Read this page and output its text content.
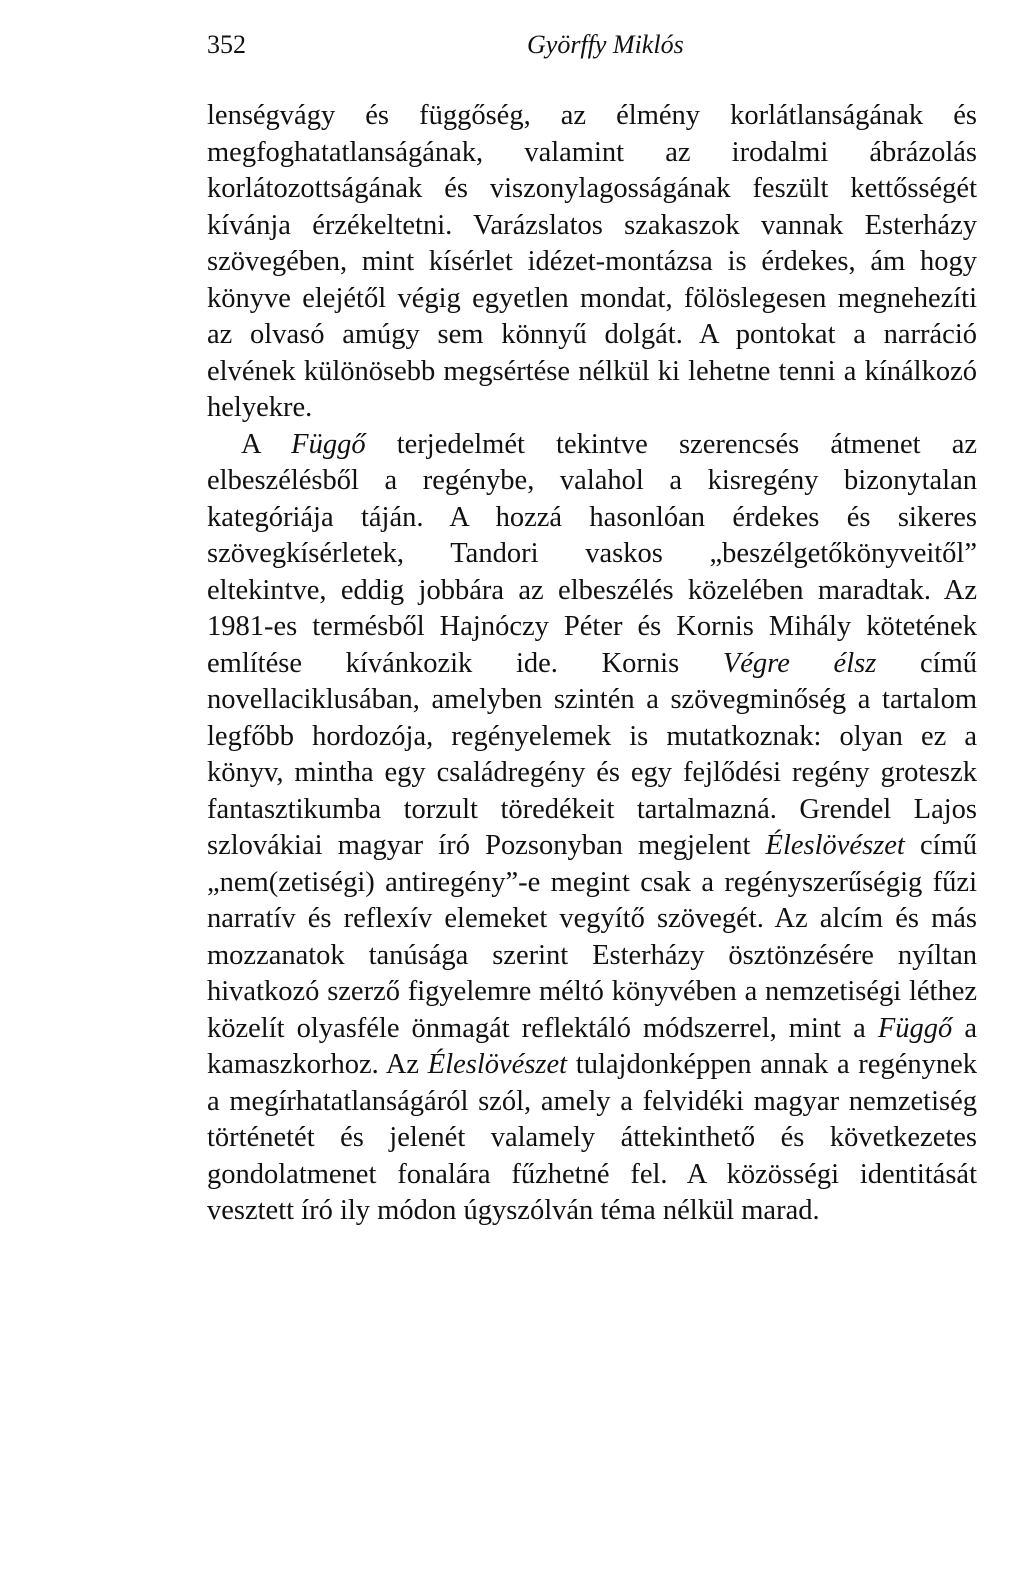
352	Györffy Miklós

lenségvágy és függőség, az élmény korlátlanságának és megfoghatatlanságának, valamint az irodalmi ábrázolás korlátozottságának és viszonylagosságának feszült kettősségét kívánja érzékeltetni. Varázslatos szakaszok vannak Esterházy szövegében, mint kísérlet idézet-montázsa is érdekes, ám hogy könyve elejétől végig egyetlen mondat, fölöslegesen megnehezíti az olvasó amúgy sem könnyű dolgát. A pontokat a narráció elvének különösebb megsértése nélkül ki lehetne tenni a kínálkozó helyekre.

A Függő terjedelmét tekintve szerencsés átmenet az elbeszélésből a regénybe, valahol a kisregény bizonytalan kategóriája táján. A hozzá hasonlóan érdekes és sikeres szövegkísérletek, Tandori vaskos „beszélgetőkönyveitől” eltekintve, eddig jobbára az elbeszélés közelében maradtak. Az 1981-es termésből Hajnóczy Péter és Kornis Mihály kötetének említése kívánkozik ide. Kornis Végre élsz című novellaciklusában, amelyben szintén a szövegminőség a tartalom legfőbb hordozója, regényelemek is mutatkoznak: olyan ez a könyv, mintha egy családregény és egy fejlődési regény groteszk fantasztikumba torzult töredékeit tartalmazná. Grendel Lajos szlovákiai magyar író Pozsonyban megjelent Éleslövészet című „nem(zetiségi) antiregény”-e megint csak a regényszerűségig fűzi narratív és reflexív elemeket vegyítő szövegét. Az alcím és más mozzanatok tanúsága szerint Esterházy ösztönzésére nyíltan hivatkozó szerző figyelemre méltó könyvében a nemzetiségi léthez közelít olyasféle önmagát reflektáló módszerrel, mint a Függő a kamaszkorhoz. Az Éleslövészet tulajdonképpen annak a regénynek a megírhatatlanságáról szól, amely a felvidéki magyar nemzetiség történetét és jelenét valamely áttekinthető és következetes gondolatmenet fonalára fűzhetné fel. A közösségi identitását vesztett író ily módon úgyszólván téma nélkül marad.
